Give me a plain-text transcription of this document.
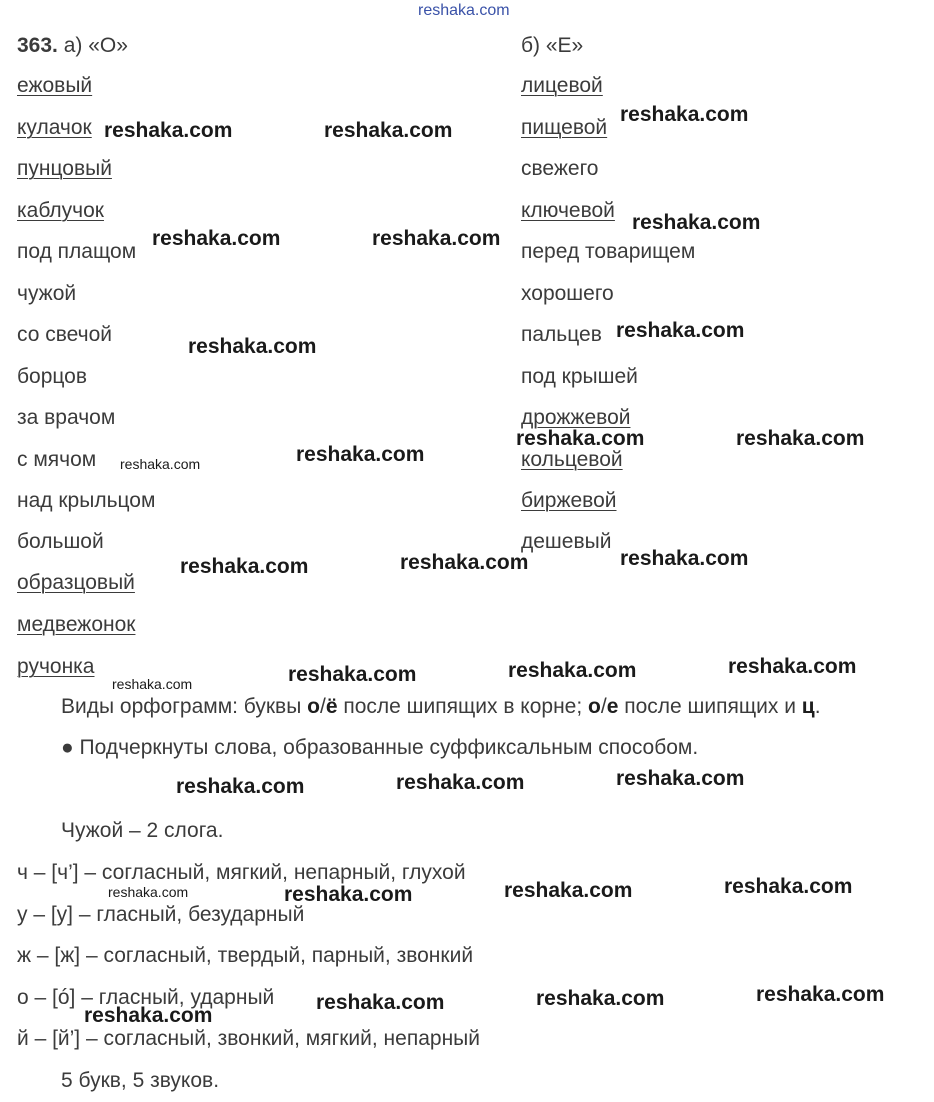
reshaka.com
363. а) «О»	б) «Е»
ежовый
кулачок
пунцовый
каблучок
под плащом
чужой
со свечой
борцов
за врачом
с мячом
над крыльцом
большой
образцовый
медвежонок
ручонка
лицевой
пищевой
свежего
ключевой
перед товарищем
хорошего
пальцев
под крышей
дрожжевой
кольцевой
биржевой
дешевый
Виды орфограмм: буквы о/ё после шипящих в корне; о/е после шипящих и ц.
● Подчеркнуты слова, образованные суффиксальным способом.
Чужой – 2 слога.
ч – [ч’] – согласный, мягкий, непарный, глухой
у – [у] – гласный, безударный
ж – [ж] – согласный, твердый, парный, звонкий
о – [ó] – гласный, ударный
й – [й’] – согласный, звонкий, мягкий, непарный
5 букв, 5 звуков.
reshaka.com	reshaka.com
reshaka.com
reshaka.com
reshaka.com	reshaka.com
reshaka.com
reshaka.com
reshaka.com	reshaka.com
reshaka.com	reshaka.com
reshaka.com
reshaka.com	reshaka.com
reshaka.com	reshaka.com	reshaka.com
reshaka.com
reshaka.com	reshaka.com	reshaka.com
reshaka.com	reshaka.com	reshaka.com	reshaka.com
reshaka.com	reshaka.com	reshaka.com
reshaka.com
